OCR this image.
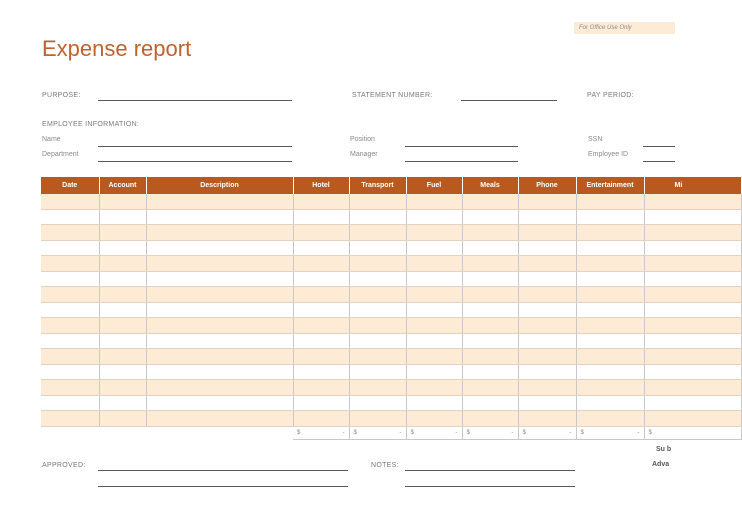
For Office Use Only
Expense report
PURPOSE:	STATEMENT NUMBER:	PAY PERIOD:
EMPLOYEE INFORMATION:
Name	Position	SSN
Department	Manager	Employee ID
Date	Account	Description	Hotel	Transport	Fuel	Meals	Phone	Entertainment	Mi

			$ -	$ -	$ -	$ -	$ -	$ -	$
Su b
Adva
APPROVED:	NOTES:
